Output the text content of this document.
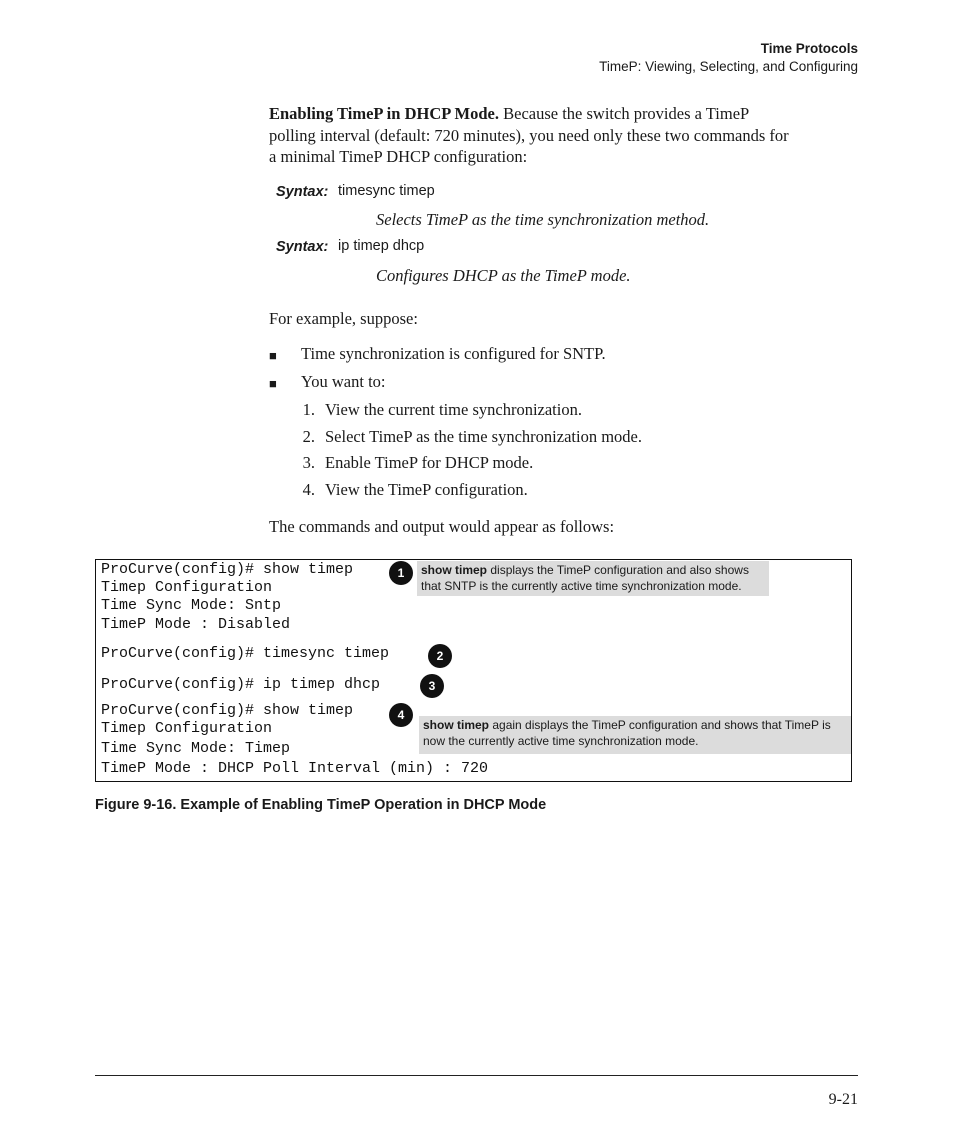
Time Protocols
TimeP: Viewing, Selecting, and Configuring
Enabling TimeP in DHCP Mode. Because the switch provides a TimeP
polling interval (default: 720 minutes), you need only these two commands for
a minimal TimeP DHCP configuration:
Syntax: timesync timep
Selects TimeP as the time synchronization method.
Syntax: ip timep dhcp
Configures DHCP as the TimeP mode.
For example, suppose:
■ Time synchronization is configured for SNTP.
■ You want to:
1. View the current time synchronization.
2. Select TimeP as the time synchronization mode.
3. Enable TimeP for DHCP mode.
4. View the TimeP configuration.
The commands and output would appear as follows:
ProCurve(config)# show timep
Timep Configuration
Time Sync Mode: Sntp
TimeP Mode : Disabled
ProCurve(config)# timesync timep
ProCurve(config)# ip timep dhcp
ProCurve(config)# show timep
Timep Configuration
Time Sync Mode: Timep
TimeP Mode : DHCP Poll Interval (min) : 720
1
2
3
4
show timep displays the TimeP configuration and also shows that SNTP is the currently active time synchronization mode.
show timep again displays the TimeP configuration and shows that TimeP is now the currently active time synchronization mode.
Figure 9-16. Example of Enabling TimeP Operation in DHCP Mode
9-21
